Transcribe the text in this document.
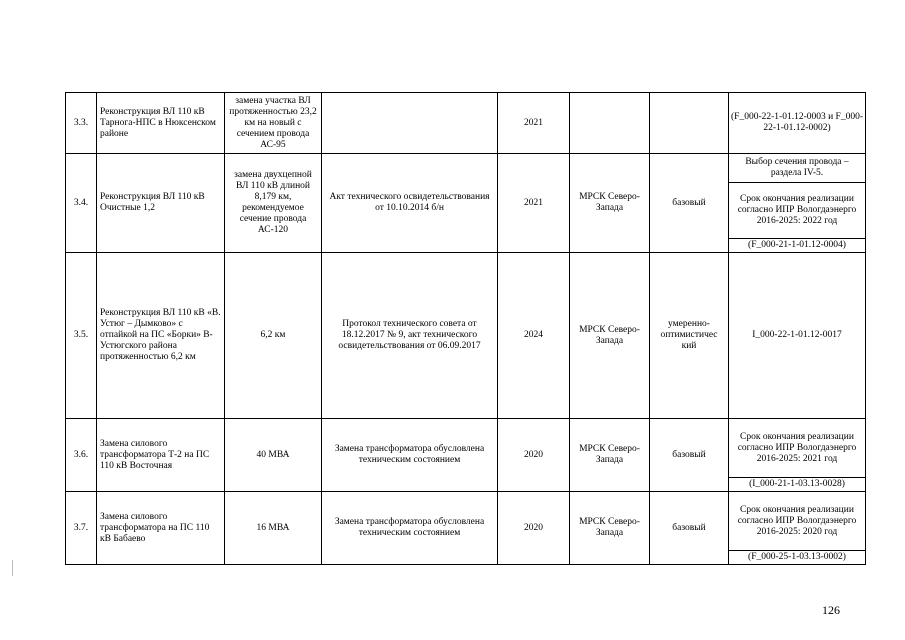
3.3.	Реконструкция ВЛ 110 кВ Тарнога-НПС в Нюксенском районе	замена участка ВЛ протяженностью 23,2 км на новый с сечением провода АС-95		2021			(F_000-22-1-01.12-0003 и F_000-22-1-01.12-0002)
3.4.	Реконструкция ВЛ 110 кВ Очистные 1,2	замена двухцепной ВЛ 110 кВ длиной 8,179 км, рекомендуемое сечение провода АС-120	Акт технического освидетельствования от 10.10.2014 б/н	2021	МРСК Северо-Запада	базовый	Выбор сечения провода – раздела IV-5.
							Срок окончания реализации согласно ИПР Вологдаэнерго 2016-2025: 2022 год
							(F_000-21-1-01.12-0004)
3.5.	Реконструкция ВЛ 110 кВ «В. Устюг – Дымково» с отпайкой на ПС «Борки» В-Устюгского района протяженностью 6,2 км	6,2 км	Протокол технического совета от 18.12.2017 № 9, акт технического освидетельствования от 06.09.2017	2024	МРСК Северо-Запада	умеренно-оптимистичес кий	I_000-22-1-01.12-0017
3.6.	Замена силового трансформатора Т-2 на ПС 110 кВ Восточная	40 МВА	Замена трансформатора обусловлена техническим состоянием	2020	МРСК Северо-Запада	базовый	Срок окончания реализации согласно ИПР Вологдаэнерго 2016-2025: 2021 год
							(I_000-21-1-03.13-0028)
3.7.	Замена силового трансформатора на ПС 110 кВ Бабаево	16 МВА	Замена трансформатора обусловлена техническим состоянием	2020	МРСК Северо-Запада	базовый	Срок окончания реализации согласно ИПР Вологдаэнерго 2016-2025: 2020 год
							(F_000-25-1-03.13-0002)
126
